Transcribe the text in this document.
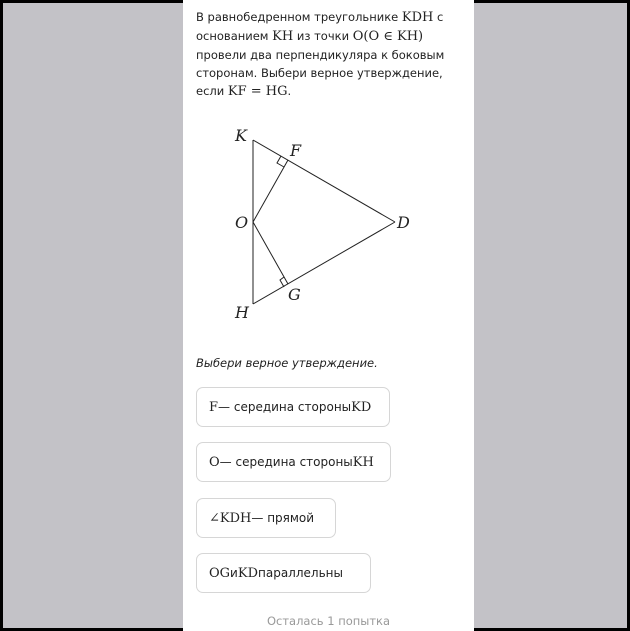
В равнобедренном треугольнике KDH с основанием KH из точки O(O ∈ KH) провели два перпендикуляра к боковым сторонам. Выбери верное утверждение, если KF = HG.
K
F
O	D
G
H
Выбери верное утверждение.
F — середина стороны KD
O — середина стороны KH
∠KDH — прямой
OG и KD параллельны
Осталась 1 попытка
